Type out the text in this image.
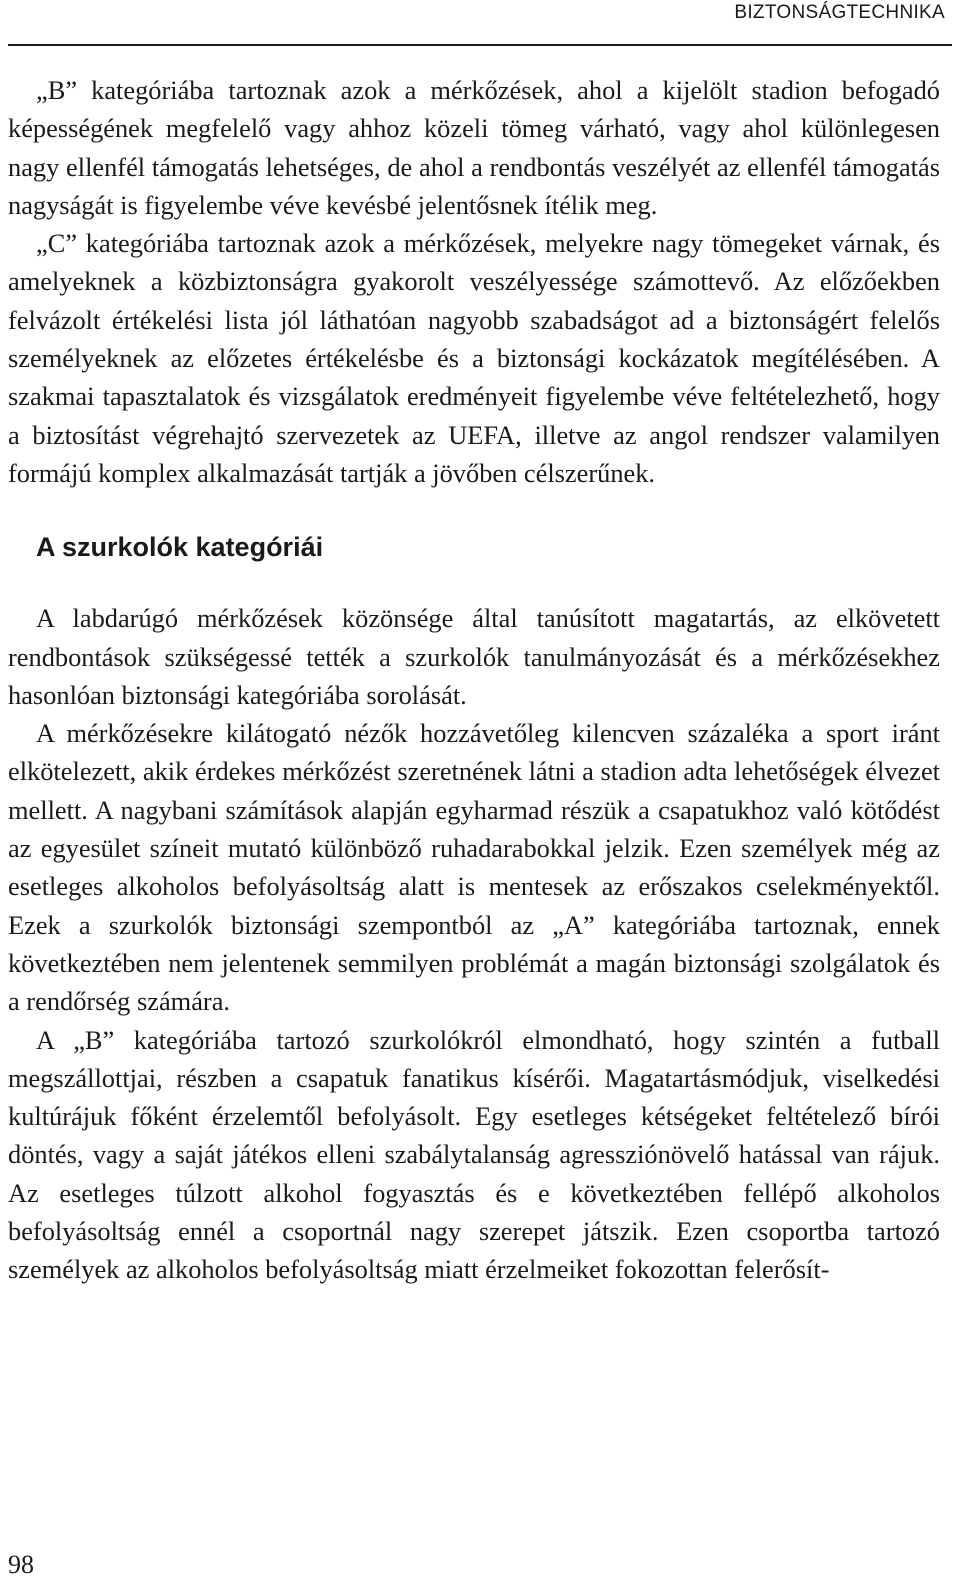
BIZTONSÁGTECHNIKA

„B” kategóriába tartoznak azok a mérkőzések, ahol a kijelölt stadion befogadó képességének megfelelő vagy ahhoz közeli tömeg várható, vagy ahol különlegesen nagy ellenfél támogatás lehetséges, de ahol a rendbontás veszélyét az ellenfél támogatás nagyságát is figyelembe véve kevésbé jelentősnek ítélik meg.

„C” kategóriába tartoznak azok a mérkőzések, melyekre nagy tömegeket várnak, és amelyeknek a közbiztonságra gyakorolt veszélyessége számottevő. Az előzőekben felvázolt értékelési lista jól láthatóan nagyobb szabadságot ad a biztonságért felelős személyeknek az előzetes értékelésbe és a biztonsági kockázatok megítélésében. A szakmai tapasztalatok és vizsgálatok eredményeit figyelembe véve feltételezhető, hogy a biztosítást végrehajtó szervezetek az UEFA, illetve az angol rendszer valamilyen formájú komplex alkalmazását tartják a jövőben célszerűnek.

A szurkolók kategóriái

A labdarúgó mérkőzések közönsége által tanúsított magatartás, az elkövetett rendbontások szükségessé tették a szurkolók tanulmányozását és a mérkőzésekhez hasonlóan biztonsági kategóriába sorolását.

A mérkőzésekre kilátogató nézők hozzávetőleg kilencven százaléka a sport iránt elkötelezett, akik érdekes mérkőzést szeretnének látni a stadion adta lehetőségek élvezet mellett. A nagybani számítások alapján egyharmad részük a csapatukhoz való kötődést az egyesület színeit mutató különböző ruhadarabokkal jelzik. Ezen személyek még az esetleges alkoholos befolyásoltság alatt is mentesek az erőszakos cselekményektől. Ezek a szurkolók biztonsági szempontból az „A” kategóriába tartoznak, ennek következtében nem jelentenek semmilyen problémát a magán biztonsági szolgálatok és a rendőrség számára.

A „B” kategóriába tartozó szurkolókról elmondható, hogy szintén a futball megszállottjai, részben a csapatuk fanatikus kísérői. Magatartásmódjuk, viselkedési kultúrájuk főként érzelemtől befolyásolt. Egy esetleges kétségeket feltételező bírói döntés, vagy a saját játékos elleni szabálytalanság agressziónövelő hatással van rájuk. Az esetleges túlzott alkohol fogyasztás és e következtében fellépő alkoholos befolyásoltság ennél a csoportnál nagy szerepet játszik. Ezen csoportba tartozó személyek az alkoholos befolyásoltság miatt érzelmeiket fokozottan felerősít-

98
